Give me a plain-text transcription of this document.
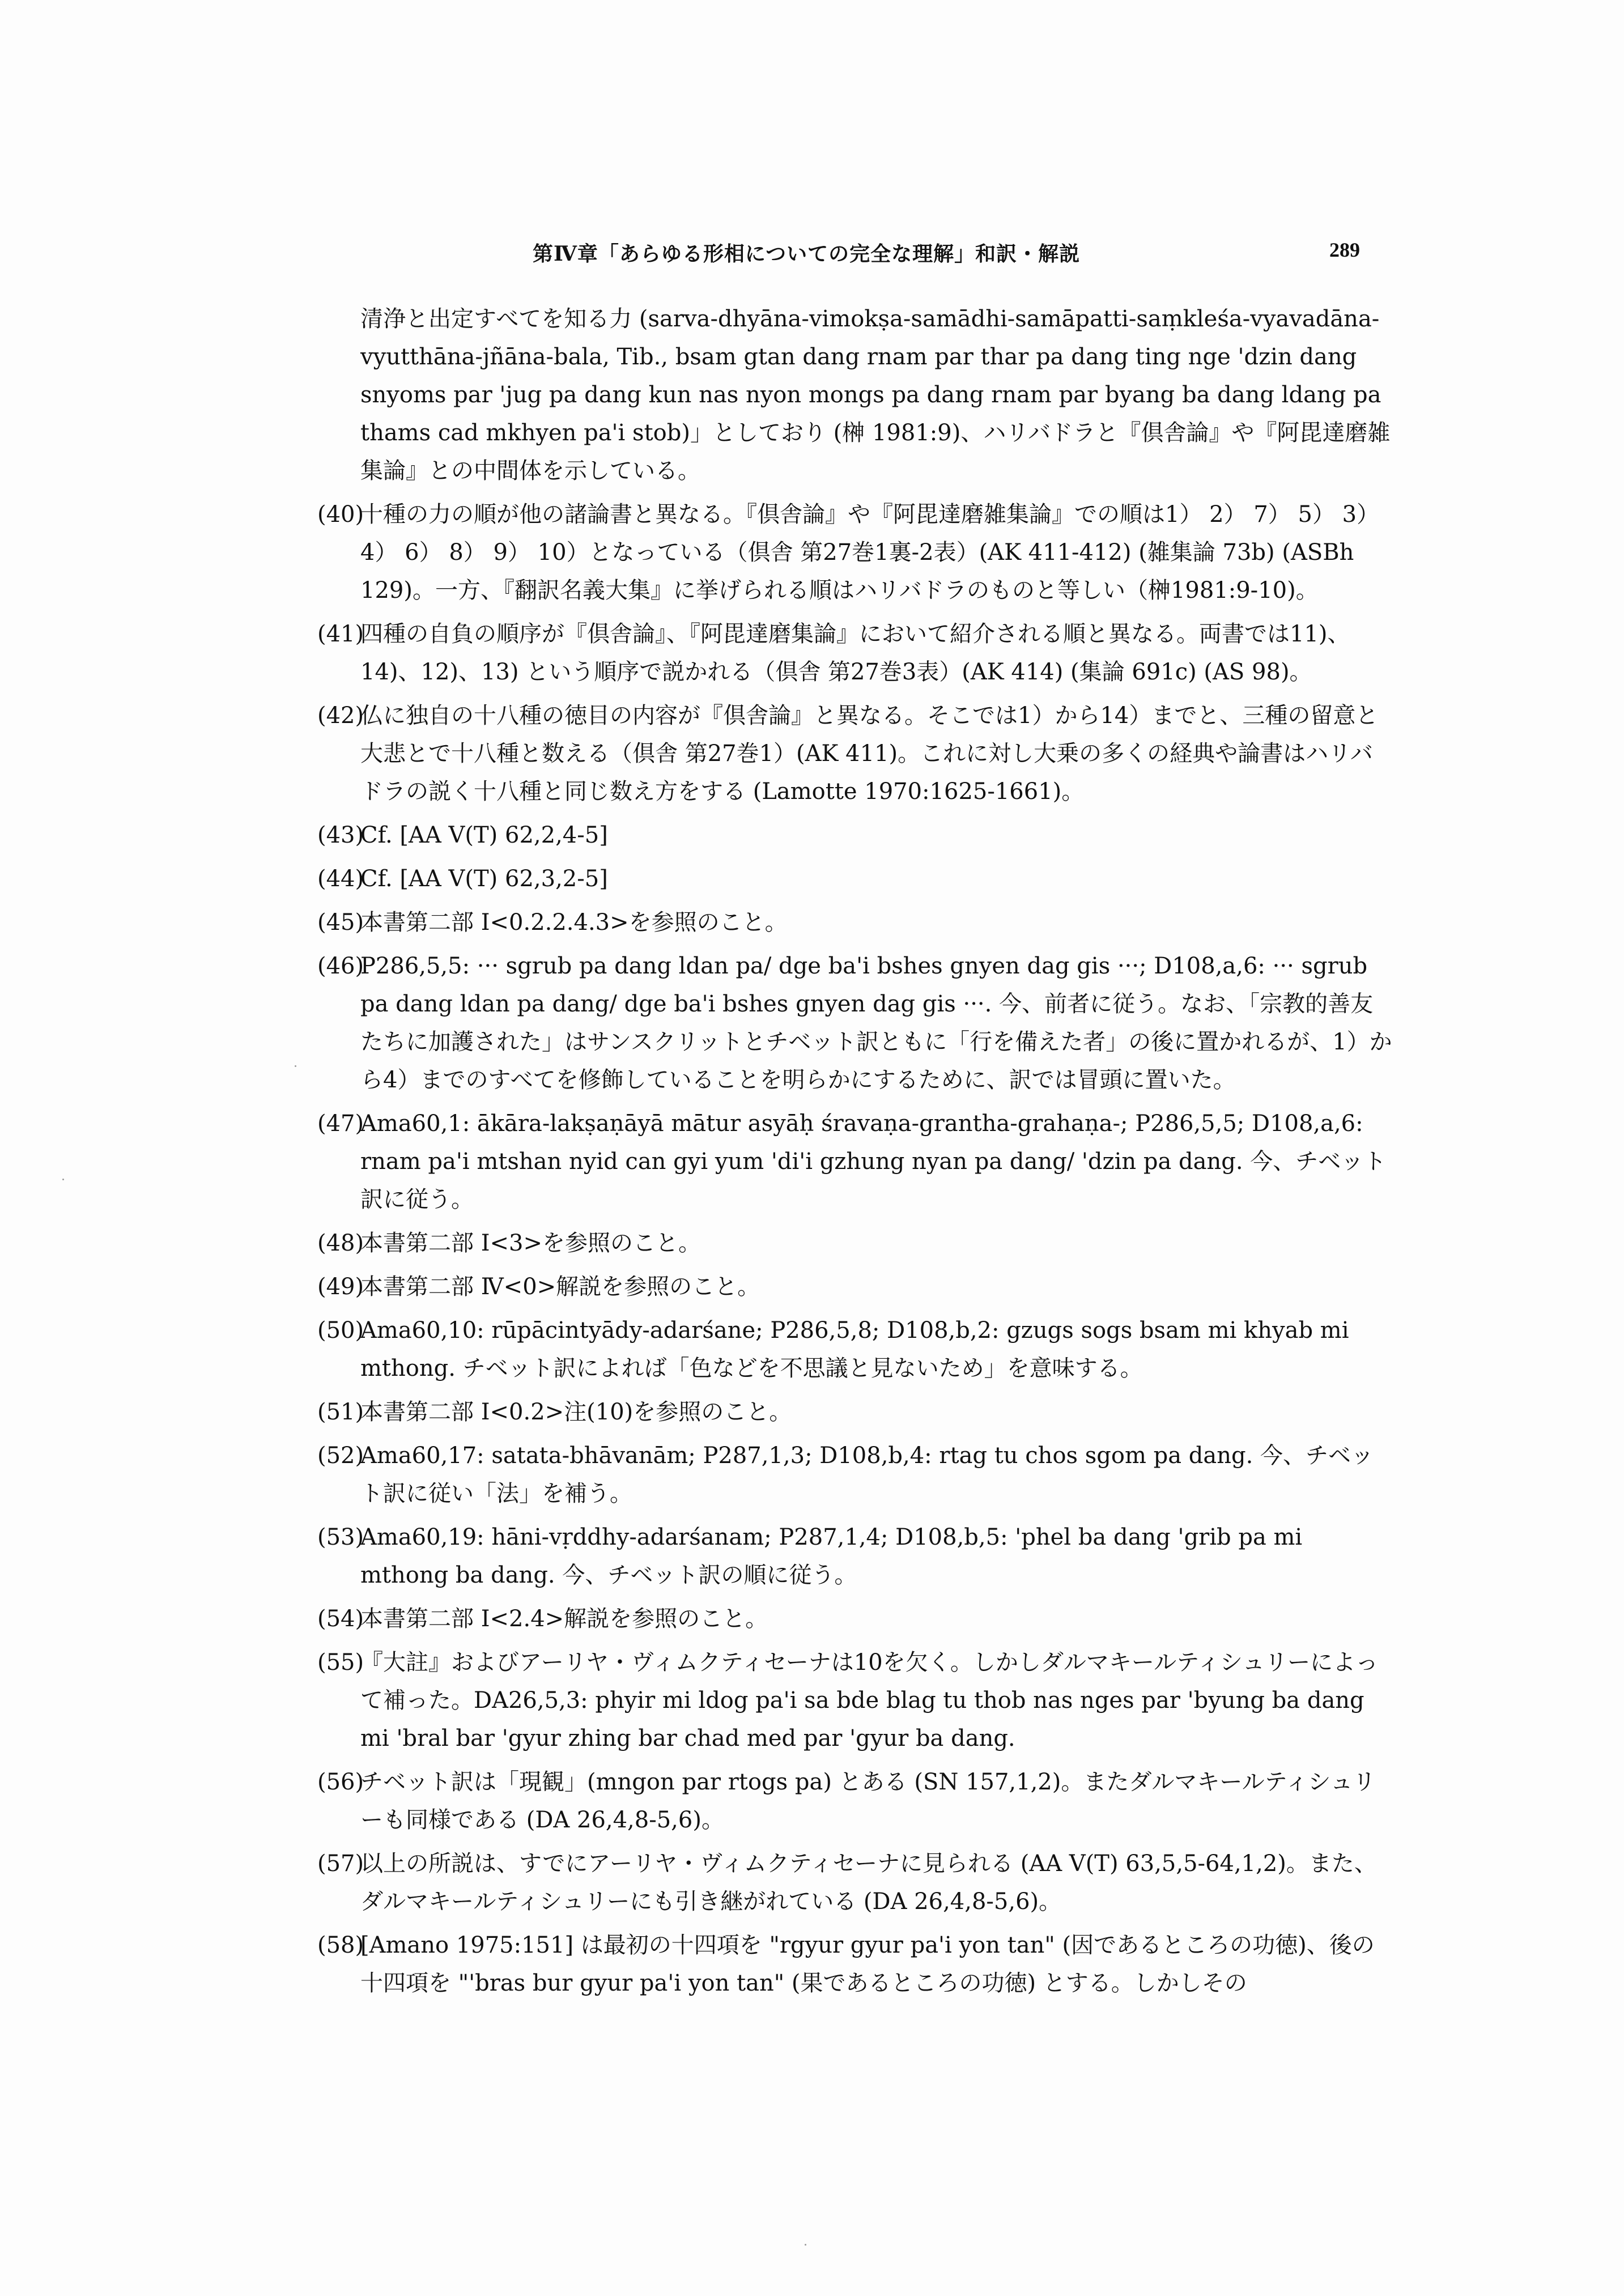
第Ⅳ章「あらゆる形相についての完全な理解」和訳・解説	289
清浄と出定すべてを知る力 (sarva-dhyāna-vimokṣa-samādhi-samāpatti-saṃkleśa-vyavadāna-vyutthāna-jñāna-bala, Tib., bsam gtan dang rnam par thar pa dang ting nge 'dzin dang snyoms par 'jug pa dang kun nas nyon mongs pa dang rnam par byang ba dang ldang pa thams cad mkhyen pa'i stob)」としており (榊 1981:9)、ハリバドラと『倶舎論』や『阿毘達磨雑集論』との中間体を示している。
(40)
十種の力の順が他の諸論書と異なる。『倶舎論』や『阿毘達磨雑集論』での順は1） 2） 7） 5） 3） 4） 6） 8） 9） 10）となっている（倶舎 第27巻1裏-2表）(AK 411-412) (雑集論 73b) (ASBh 129)。一方、『翻訳名義大集』に挙げられる順はハリバドラのものと等しい（榊1981:9-10)。
(41)
四種の自負の順序が『倶舎論』、『阿毘達磨集論』において紹介される順と異なる。両書では11)、14)、12)、13) という順序で説かれる（倶舎 第27巻3表）(AK 414) (集論 691c) (AS 98)。
(42)
仏に独自の十八種の徳目の内容が『倶舎論』と異なる。そこでは1）から14）までと、三種の留意と大悲とで十八種と数える（倶舎 第27巻1）(AK 411)。これに対し大乗の多くの経典や論書はハリバドラの説く十八種と同じ数え方をする (Lamotte 1970:1625-1661)。
(43)
Cf. [AA V(T) 62,2,4-5]
(44)
Cf. [AA V(T) 62,3,2-5]
(45)
本書第二部 I<0.2.2.4.3>を参照のこと。
(46)
P286,5,5: ··· sgrub pa dang ldan pa/ dge ba'i bshes gnyen dag gis ···; D108,a,6: ··· sgrub pa dang ldan pa dang/ dge ba'i bshes gnyen dag gis ···. 今、前者に従う。なお、「宗教的善友たちに加護された」はサンスクリットとチベット訳ともに「行を備えた者」の後に置かれるが、1）から4）までのすべてを修飾していることを明らかにするために、訳では冒頭に置いた。
(47)
Ama60,1: ākāra-lakṣaṇāyā mātur asyāḥ śravaṇa-grantha-grahaṇa-; P286,5,5; D108,a,6: rnam pa'i mtshan nyid can gyi yum 'di'i gzhung nyan pa dang/ 'dzin pa dang. 今、チベット訳に従う。
(48)
本書第二部 I<3>を参照のこと。
(49)
本書第二部 Ⅳ<0>解説を参照のこと。
(50)
Ama60,10: rūpācintyādy-adarśane; P286,5,8; D108,b,2: gzugs sogs bsam mi khyab mi mthong. チベット訳によれば「色などを不思議と見ないため」を意味する。
(51)
本書第二部 I<0.2>注(10)を参照のこと。
(52)
Ama60,17: satata-bhāvanām; P287,1,3; D108,b,4: rtag tu chos sgom pa dang. 今、チベット訳に従い「法」を補う。
(53)
Ama60,19: hāni-vṛddhy-adarśanam; P287,1,4; D108,b,5: 'phel ba dang 'grib pa mi mthong ba dang. 今、チベット訳の順に従う。
(54)
本書第二部 I<2.4>解説を参照のこと。
(55)
『大註』およびアーリヤ・ヴィムクティセーナは10を欠く。しかしダルマキールティシュリーによって補った。DA26,5,3: phyir mi ldog pa'i sa bde blag tu thob nas nges par 'byung ba dang mi 'bral bar 'gyur zhing bar chad med par 'gyur ba dang.
(56)
チベット訳は「現観」(mngon par rtogs pa) とある (SN 157,1,2)。またダルマキールティシュリーも同様である (DA 26,4,8-5,6)。
(57)
以上の所説は、すでにアーリヤ・ヴィムクティセーナに見られる (AA V(T) 63,5,5-64,1,2)。また、ダルマキールティシュリーにも引き継がれている (DA 26,4,8-5,6)。
(58)
[Amano 1975:151] は最初の十四項を "rgyur gyur pa'i yon tan" (因であるところの功徳)、後の十四項を "'bras bur gyur pa'i yon tan" (果であるところの功徳) とする。しかしその
